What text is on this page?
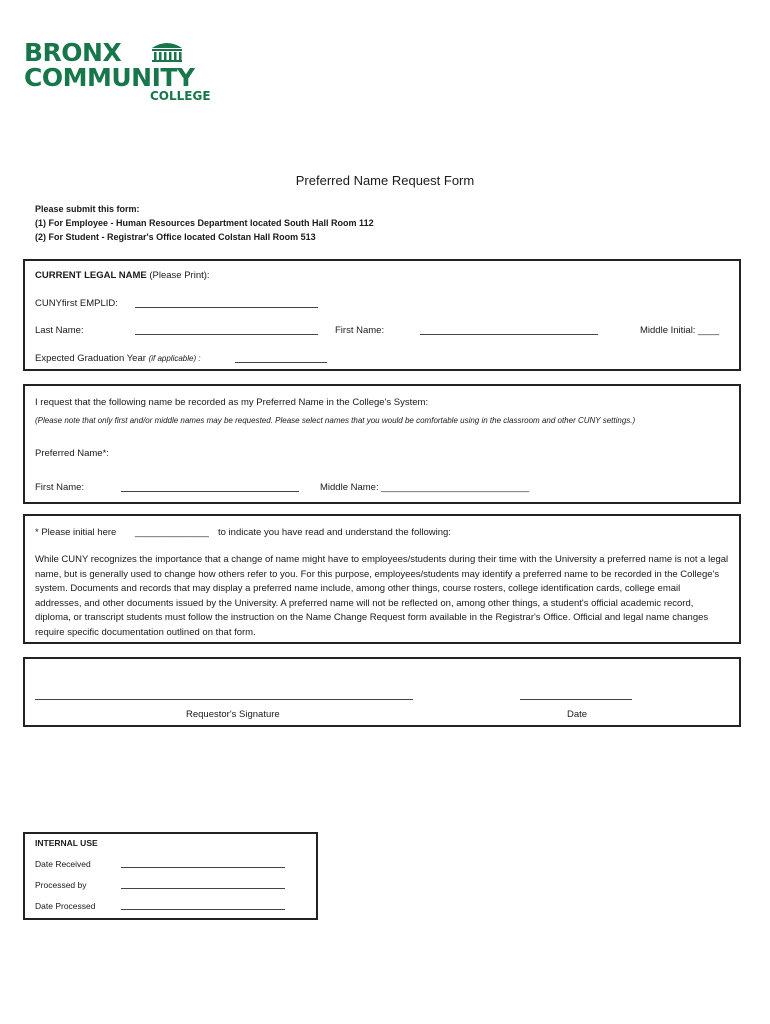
BRONX
COMMUNITY
COLLEGE
Preferred Name Request Form
Please submit this form:
(1) For Employee - Human Resources Department located South Hall Room 112
(2) For Student - Registrar's Office located Colstan Hall Room 513
CURRENT LEGAL NAME (Please Print):
CUNYfirst EMPLID:
Last Name:	First Name:	Middle Initial: ____
Expected Graduation Year (if applicable) :
I request that the following name be recorded as my Preferred Name in the College's System:
(Please note that only first and/or middle names may be requested. Please select names that you would be comfortable using in the classroom and other CUNY settings.)
Preferred Name*:
First Name:	Middle Name: ____________________________
* Please initial here ______________ to indicate you have read and understand the following:
While CUNY recognizes the importance that a change of name might have to employees/students during their time with the University a preferred name is not a legal name, but is generally used to change how others refer to you. For this purpose, employees/students may identify a preferred name to be recorded in the College's system. Documents and records that may display a preferred name include, among other things, course rosters, college identification cards, college email addresses, and other documents issued by the University. A preferred name will not be reflected on, among other things, a student's official academic record, diploma, or transcript students must follow the instruction on the Name Change Request form available in the Registrar's Office. Official and legal name changes require specific documentation outlined on that form.
Requestor's Signature	Date
INTERNAL USE
Date Received
Processed by
Date Processed
